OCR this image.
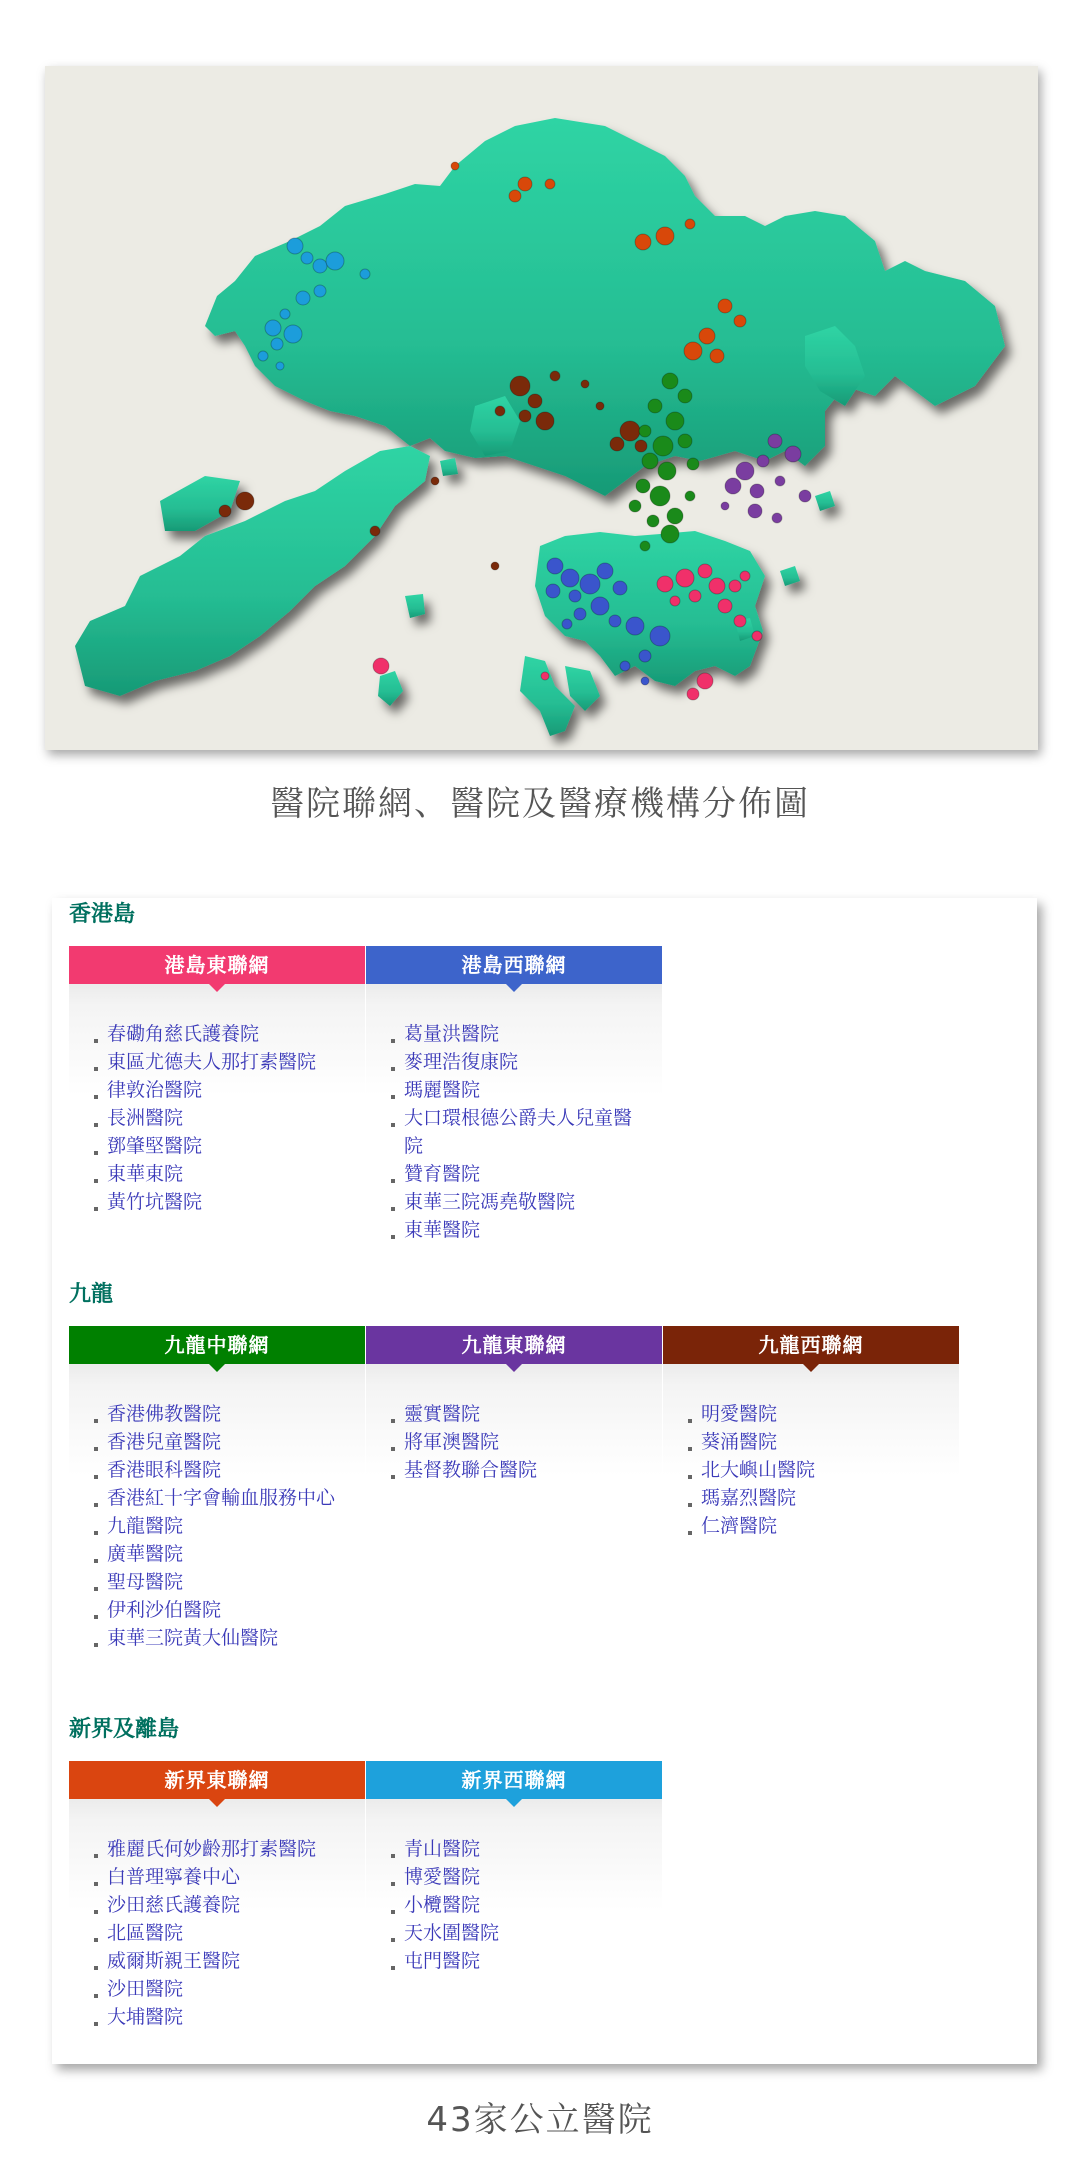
醫院聯網、醫院及醫療機構分佈圖
香港島
港島東聯網
春磡角慈氏護養院
東區尤德夫人那打素醫院
律敦治醫院
長洲醫院
鄧肇堅醫院
東華東院
黃竹坑醫院
港島西聯網
葛量洪醫院
麥理浩復康院
瑪麗醫院
大口環根德公爵夫人兒童醫院
贊育醫院
東華三院馮堯敬醫院
東華醫院
九龍
九龍中聯網
香港佛教醫院
香港兒童醫院
香港眼科醫院
香港紅十字會輸血服務中心
九龍醫院
廣華醫院
聖母醫院
伊利沙伯醫院
東華三院黃大仙醫院
九龍東聯網
靈實醫院
將軍澳醫院
基督教聯合醫院
九龍西聯網
明愛醫院
葵涌醫院
北大嶼山醫院
瑪嘉烈醫院
仁濟醫院
新界及離島
新界東聯網
雅麗氏何妙齡那打素醫院
白普理寧養中心
沙田慈氏護養院
北區醫院
威爾斯親王醫院
沙田醫院
大埔醫院
新界西聯網
青山醫院
博愛醫院
小欖醫院
天水圍醫院
屯門醫院
43家公立醫院
